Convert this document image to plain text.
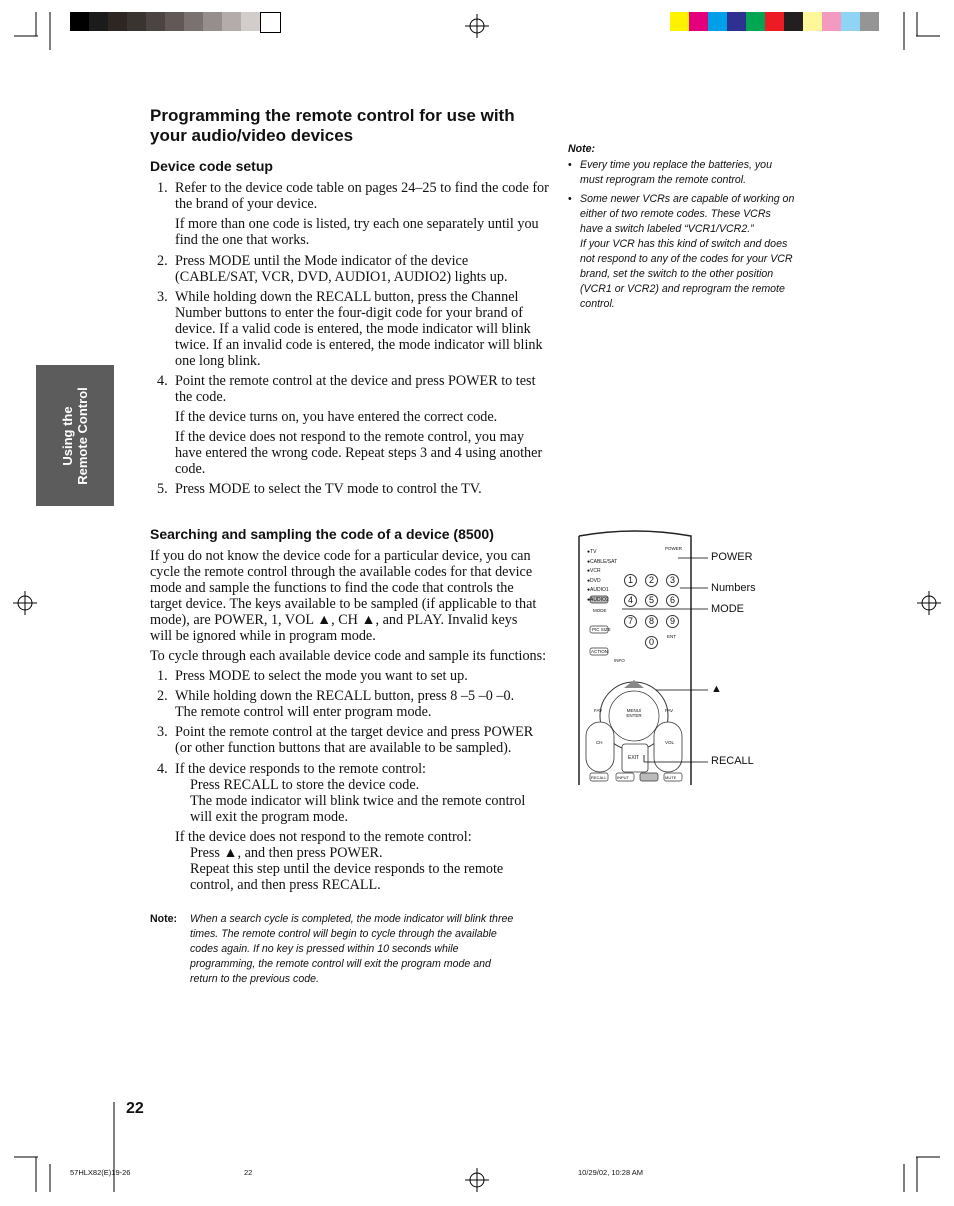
Using the Remote Control
Programming the remote control for use with
your audio/video devices
Device code setup
1. Refer to the device code table on pages 24–25 to find the code for the brand of your device.
If more than one code is listed, try each one separately until you find the one that works.
2. Press MODE until the Mode indicator of the device (CABLE/SAT, VCR, DVD, AUDIO1, AUDIO2) lights up.
3. While holding down the RECALL button, press the Channel Number buttons to enter the four-digit code for your brand of device. If a valid code is entered, the mode indicator will blink twice. If an invalid code is entered, the mode indicator will blink one long blink.
4. Point the remote control at the device and press POWER to test the code.
If the device turns on, you have entered the correct code.
If the device does not respond to the remote control, you may have entered the wrong code. Repeat steps 3 and 4 using another code.
5. Press MODE to select the TV mode to control the TV.
Note:
• Every time you replace the batteries, you must reprogram the remote control.
• Some newer VCRs are capable of working on either of two remote codes. These VCRs have a switch labeled “VCR1/VCR2.”
If your VCR has this kind of switch and does not respond to any of the codes for your VCR brand, set the switch to the other position (VCR1 or VCR2) and reprogram the remote control.
Searching and sampling the code of a device (8500)
If you do not know the device code for a particular device, you can cycle the remote control through the available codes for that device mode and sample the functions to find the code that controls the target device. The keys available to be sampled (if applicable to that mode), are POWER, 1, VOL ▲, CH ▲, and PLAY. Invalid keys will be ignored while in program mode.
To cycle through each available device code and sample its functions:
1. Press MODE to select the mode you want to set up.
2. While holding down the RECALL button, press 8 –5 –0 –0. The remote control will enter program mode.
3. Point the remote control at the target device and press POWER (or other function buttons that are available to be sampled).
4. If the device responds to the remote control:
Press RECALL to store the device code.
The mode indicator will blink twice and the remote control will exit the program mode.
If the device does not respond to the remote control:
Press ▲, and then press POWER.
Repeat this step until the device responds to the remote control, and then press RECALL.
Note: When a search cycle is completed, the mode indicator will blink three times. The remote control will begin to cycle through the available codes again. If no key is pressed within 10 seconds while programming, the remote control will exit the program mode and return to the previous code.
●TV
●CABLE/SAT
●VCR
●DVD
●AUDIO1
●AUDIO2
1	2	3
4	5	6
7	8	9
0
POWER
MODE
PIC SIZE
ACTION
INFO
ENT
MENU/ ENTER
FAV	FAV
CH	VOL
EXIT
RECALL	INPUT	MUTE
POWER
Numbers
MODE
▲
RECALL
22
57HLX82(E)19-26	22	10/29/02, 10:28 AM
